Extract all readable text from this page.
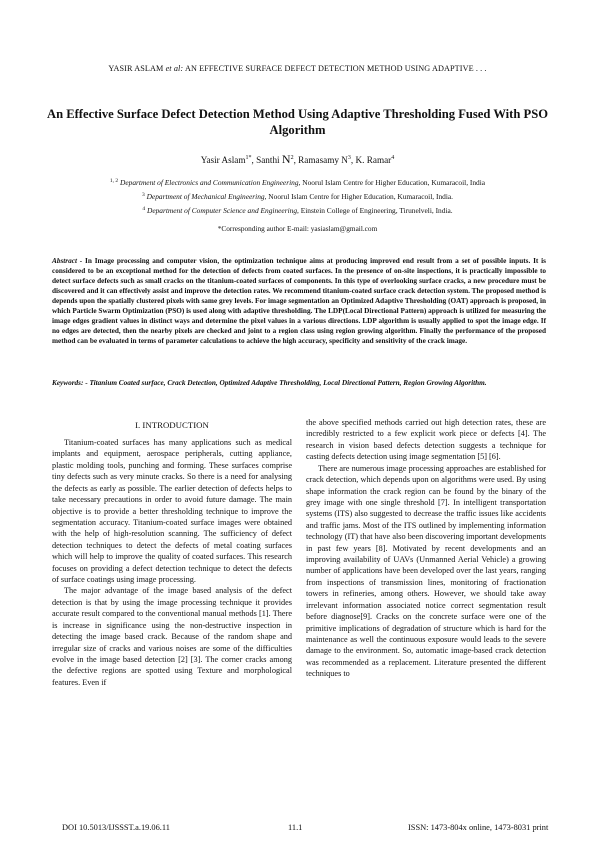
YASIR ASLAM et al: AN EFFECTIVE SURFACE DEFECT DETECTION METHOD USING ADAPTIVE . . .
An Effective Surface Defect Detection Method Using Adaptive Thresholding Fused With PSO Algorithm
Yasir Aslam$^{1*}$, Santhi $N^2$, Ramasamy $N^3$, K. Ramar$^4$
$^{1, 2}$ Department of Electronics and Communication Engineering, Noorul Islam Centre for Higher Education, Kumaracoil, India
$^3$ Department of Mechanical Engineering, Noorul Islam Centre for Higher Education, Kumaracoil, India.
$^4$ Department of Computer Science and Engineering, Einstein College of Engineering, Tirunelveli, India.
*Corresponding author E-mail: yasiaslam@gmail.com
Abstract - In Image processing and computer vision, the optimization technique aims at producing improved end result from a set of possible inputs. It is considered to be an exceptional method for the detection of defects from coated surfaces. In the presence of on-site inspections, it is practically impossible to detect surface defects such as small cracks on the titanium-coated surfaces of components. In this type of overlooking surface cracks, a new procedure must be discovered and it can effectively assist and improve the detection rates. We recommend titanium-coated surface crack detection system. The proposed method is depends upon the spatially clustered pixels with same grey levels. For image segmentation an Optimized Adaptive Thresholding (OAT) approach is proposed, in which Particle Swarm Optimization (PSO) is used along with adaptive thresholding. The LDP(Local Directional Pattern) approach is utilized for measuring the image edges gradient values in distinct ways and determine the pixel values in a various directions. LDP algorithm is usually applied to spot the image edge. If no edges are detected, then the nearby pixels are checked and joint to a region class using region growing algorithm. Finally the performance of the proposed method can be evaluated in terms of parameter calculations to achieve the high accuracy, specificity and sensitivity of the crack image.
Keywords: - Titanium Coated surface, Crack Detection, Optimized Adaptive Thresholding, Local Directional Pattern, Region Growing Algorithm.
I. INTRODUCTION

Titanium-coated surfaces has many applications such as medical implants and equipment, aerospace peripherals, cutting appliance, plastic molding tools, punching and forming. These surfaces comprise tiny defects such as very minute cracks. So there is a need for analysing the defects as early as possible. The earlier detection of defects helps to take necessary precautions in order to avoid future damage. The main objective is to provide a better thresholding technique to improve the segmentation accuracy. Titanium-coated surface images were obtained with the help of high-resolution scanning. The sufficiency of defect detection techniques to detect the defects of metal coating surfaces which will help to improve the quality of coated surfaces. This research focuses on providing a defect detection technique to detect the defects of surface coatings using image processing.

The major advantage of the image based analysis of the defect detection is that by using the image processing technique it provides accurate result compared to the conventional manual methods [1]. There is increase in significance using the non-destructive inspection in detecting the image based crack. Because of the random shape and irregular size of cracks and various noises are some of the difficulties evolve in the image based detection [2] [3]. The corner cracks among the defective regions are spotted using Texture and morphological features. Even if

the above specified methods carried out high detection rates, these are incredibly restricted to a few explicit work piece or defects [4]. The research in vision based defects detection suggests a technique for casting defects detection using image segmentation [5] [6].

There are numerous image processing approaches are established for crack detection, which depends upon on algorithms were used. By using shape information the crack region can be found by the binary of the grey image with one single threshold [7]. In intelligent transportation systems (ITS) also suggested to decrease the traffic issues like accidents and traffic jams. Most of the ITS outlined by implementing information technology (IT) that have also been discovering important developments in past few years [8]. Motivated by recent developments and an improving availability of UAVs (Unmanned Aerial Vehicle) a growing number of applications have been developed over the last years, ranging from inspections of transmission lines, monitoring of fractionation towers in refineries, among others. However, we should take away irrelevant information associated notice correct segmentation result before diagnose[9]. Cracks on the concrete surface were one of the primitive implications of degradation of structure which is hard for the maintenance as well the continuous exposure would leads to the severe damage to the environment. So, automatic image-based crack detection was recommended as a replacement. Literature presented the different techniques to

DOI 10.5013/IJSSST.a.19.06.11	11.1	ISSN: 1473-804x online, 1473-8031 print
